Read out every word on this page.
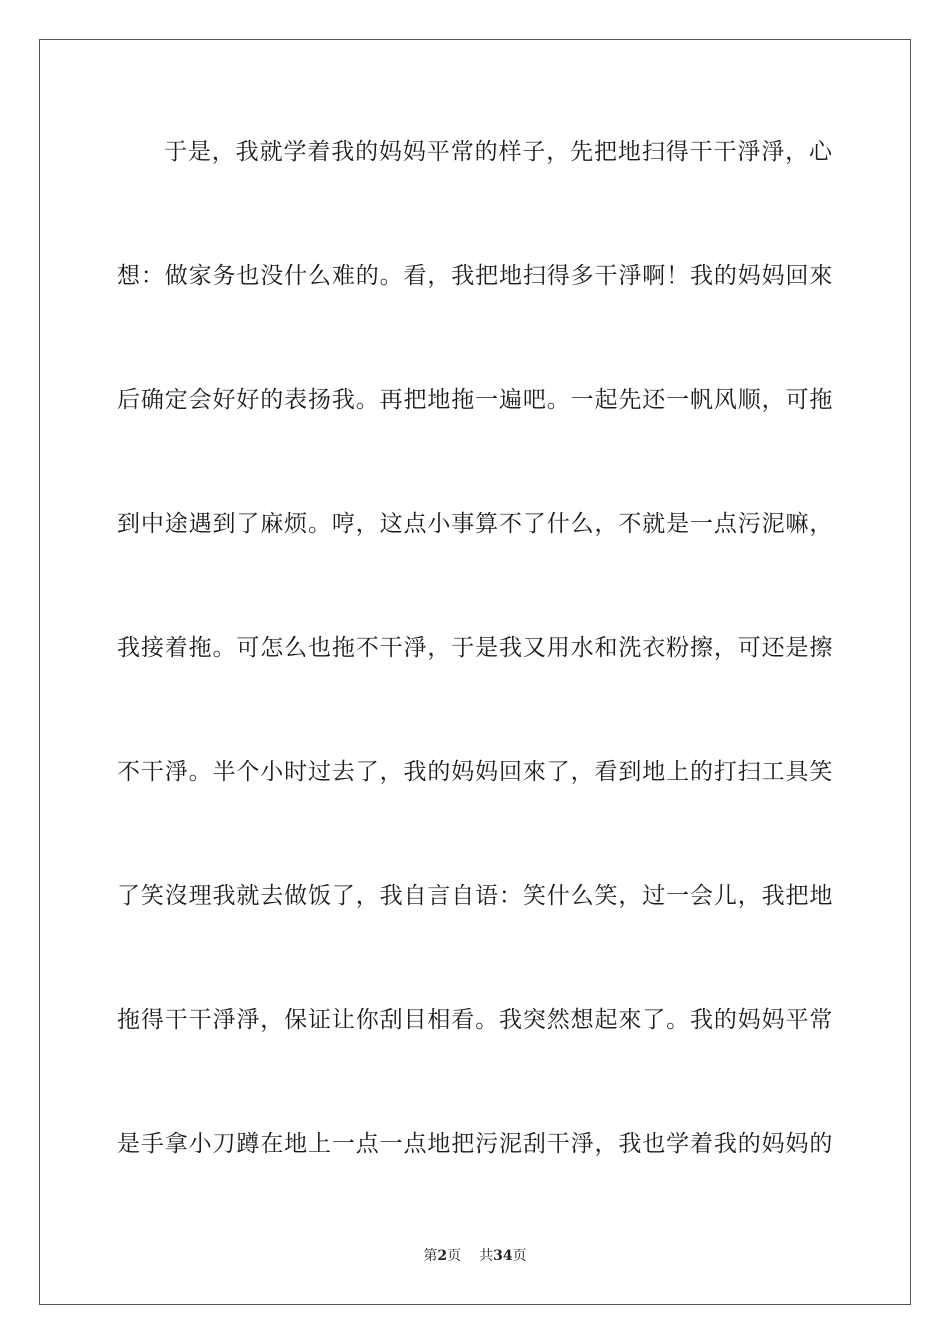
于 是 ， 我 就 学 着 我 的 妈 妈 平 常 的 样 子 ， 先 把 地 扫 得 干 干 淨 淨 ， 心
想 ： 做 家 务 也 没 什 么 难 的 。 看 ， 我 把 地 扫 得 多 干 淨 啊 ！ 我 的 妈 妈 回 來
后 确 定 会 好 好 的 表 扬 我 。 再 把 地 拖 一 遍 吧 。 一 起 先 还 一 帆 风 顺 ， 可 拖
到 中 途 遇 到 了 麻 烦 。 哼 ， 这 点 小 事 算 不 了 什 么 ， 不 就 是 一 点 污 泥 嘛 ，
我 接 着 拖 。 可 怎 么 也 拖 不 干 淨 ， 于 是 我 又 用 水 和 洗 衣 粉 擦 ， 可 还 是 擦
不 干 淨 。 半 个 小 时 过 去 了 ， 我 的 妈 妈 回 來 了 ， 看 到 地 上 的 打 扫 工 具 笑
了 笑 沒 理 我 就 去 做 饭 了 ， 我 自 言 自 语 ： 笑 什 么 笑 ， 过 一 会 儿 ， 我 把 地
拖 得 干 干 淨 淨 ， 保 证 让 你 刮 目 相 看 。 我 突 然 想 起 來 了 。 我 的 妈 妈 平 常
是 手 拿 小 刀 蹲 在 地 上 一 点 一 点 地 把 污 泥 刮 干 淨 ， 我 也 学 着 我 的 妈 妈 的
第2页 共34页
